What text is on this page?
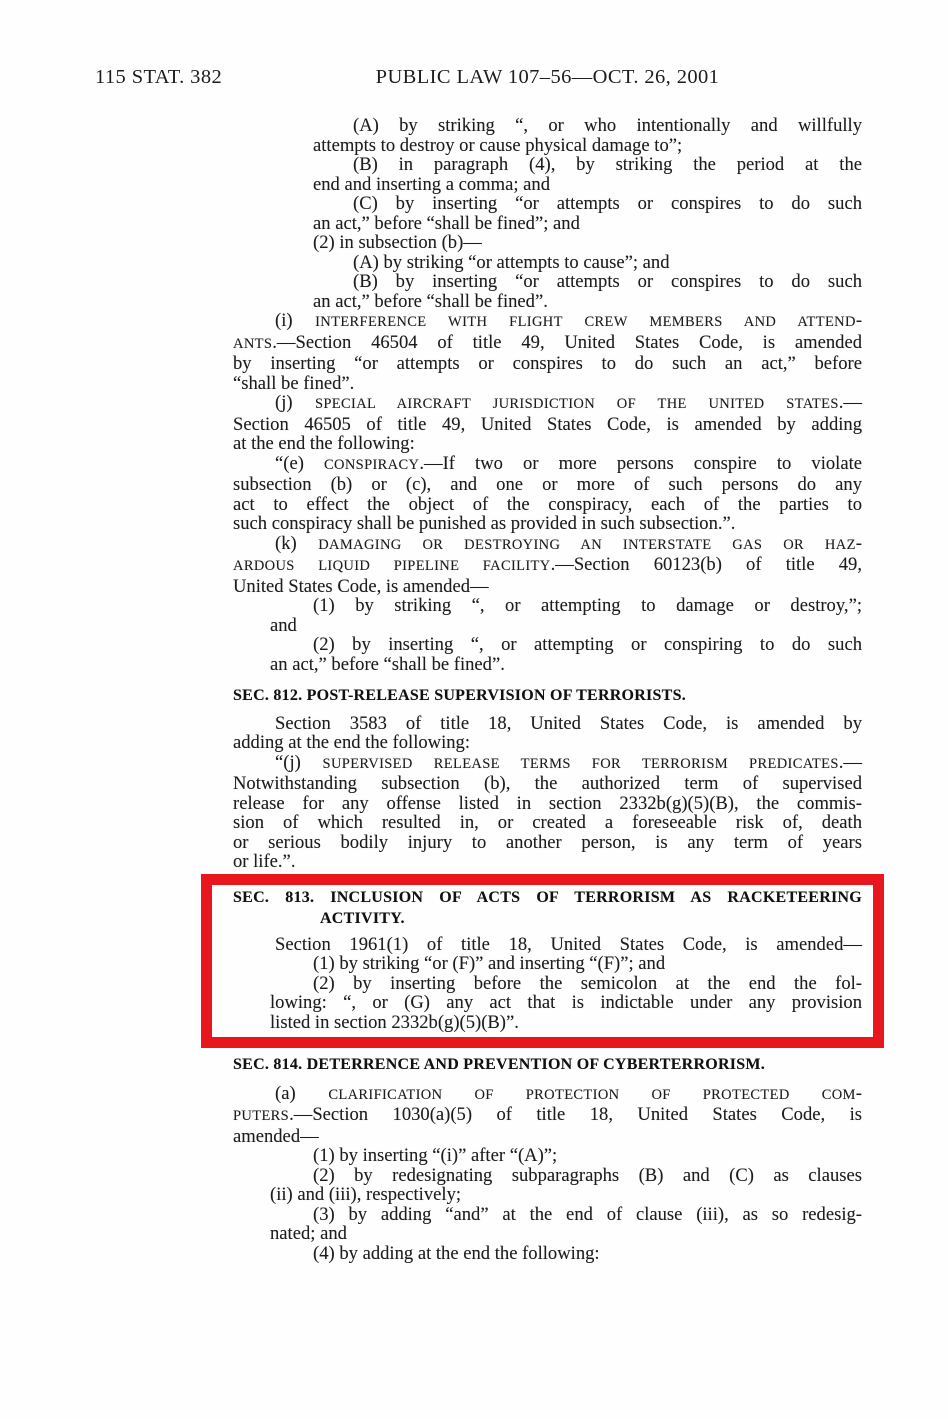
115 STAT. 382	PUBLIC LAW 107–56—OCT. 26, 2001
(A) by striking “, or who intentionally and willfully
attempts to destroy or cause physical damage to”;
(B) in paragraph (4), by striking the period at the
end and inserting a comma; and
(C) by inserting “or attempts or conspires to do such
an act,” before “shall be fined”; and
(2) in subsection (b)—
(A) by striking “or attempts to cause”; and
(B) by inserting “or attempts or conspires to do such
an act,” before “shall be fined”.
(i) INTERFERENCE WITH FLIGHT CREW MEMBERS AND ATTEND-
ANTS.—Section 46504 of title 49, United States Code, is amended
by inserting “or attempts or conspires to do such an act,” before
“shall be fined”.
(j) SPECIAL AIRCRAFT JURISDICTION OF THE UNITED STATES.—
Section 46505 of title 49, United States Code, is amended by adding
at the end the following:
“(e) CONSPIRACY.—If two or more persons conspire to violate
subsection (b) or (c), and one or more of such persons do any
act to effect the object of the conspiracy, each of the parties to
such conspiracy shall be punished as provided in such subsection.”.
(k) DAMAGING OR DESTROYING AN INTERSTATE GAS OR HAZ-
ARDOUS LIQUID PIPELINE FACILITY.—Section 60123(b) of title 49,
United States Code, is amended—
(1) by striking “, or attempting to damage or destroy,”;
and
(2) by inserting “, or attempting or conspiring to do such
an act,” before “shall be fined”.
SEC. 812. POST-RELEASE SUPERVISION OF TERRORISTS.
Section 3583 of title 18, United States Code, is amended by
adding at the end the following:
“(j) SUPERVISED RELEASE TERMS FOR TERRORISM PREDICATES.—
Notwithstanding subsection (b), the authorized term of supervised
release for any offense listed in section 2332b(g)(5)(B), the commis-
sion of which resulted in, or created a foreseeable risk of, death
or serious bodily injury to another person, is any term of years
or life.”.
SEC. 813. INCLUSION OF ACTS OF TERRORISM AS RACKETEERING
ACTIVITY.
Section 1961(1) of title 18, United States Code, is amended—
(1) by striking “or (F)” and inserting “(F)”; and
(2) by inserting before the semicolon at the end the fol-
lowing: “, or (G) any act that is indictable under any provision
listed in section 2332b(g)(5)(B)”.
SEC. 814. DETERRENCE AND PREVENTION OF CYBERTERRORISM.
(a) CLARIFICATION OF PROTECTION OF PROTECTED COM-
PUTERS.—Section 1030(a)(5) of title 18, United States Code, is
amended—
(1) by inserting “(i)” after “(A)”;
(2) by redesignating subparagraphs (B) and (C) as clauses
(ii) and (iii), respectively;
(3) by adding “and” at the end of clause (iii), as so redesig-
nated; and
(4) by adding at the end the following:
